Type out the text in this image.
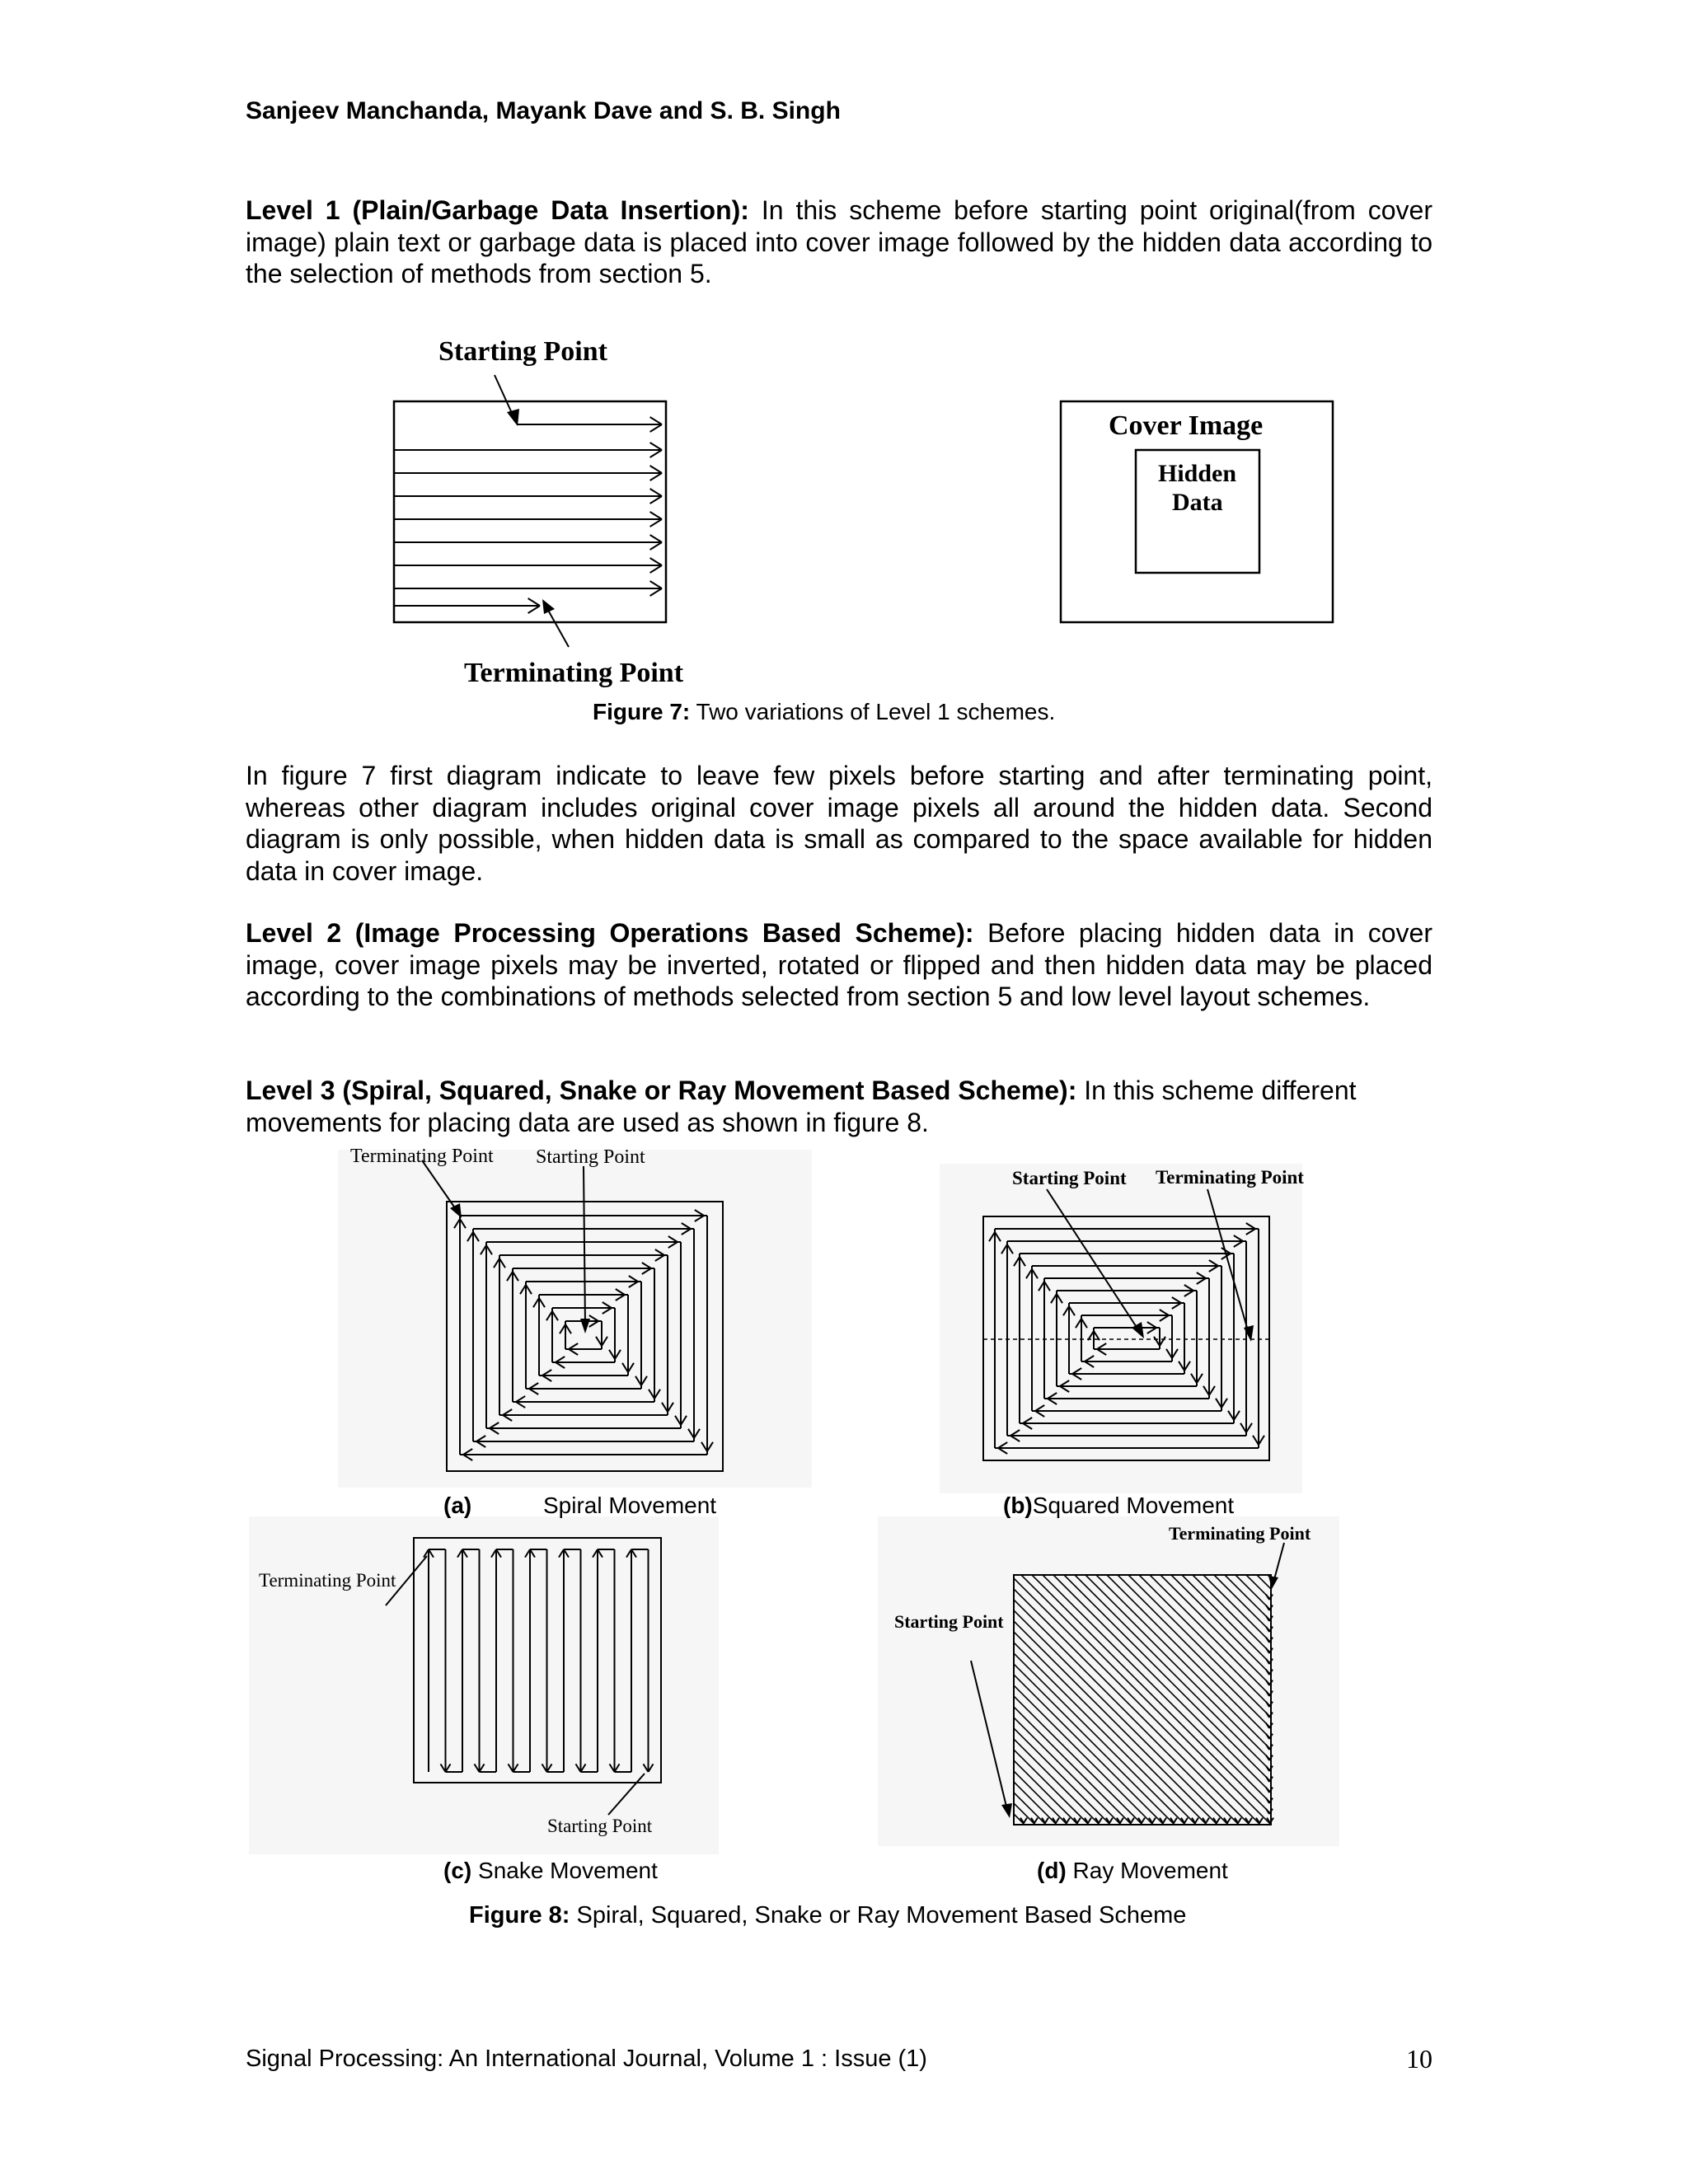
Sanjeev Manchanda, Mayank Dave and S. B. Singh
Level 1 (Plain/Garbage Data Insertion): In this scheme before starting point original(from cover image) plain text or garbage data is placed into cover image followed by the hidden data according to the selection of methods from section 5.
Starting Point
Terminating Point
Cover Image
Hidden
Data
Figure 7: Two variations of Level 1 schemes.
In figure 7 first diagram indicate to leave few pixels before starting and after terminating point, whereas other diagram includes original cover image pixels all around the hidden data. Second diagram is only possible, when hidden data is small as compared to the space available for hidden data in cover image.
Level 2 (Image Processing Operations Based Scheme): Before placing hidden data in cover image, cover image pixels may be inverted, rotated or flipped and then hidden data may be placed according to the combinations of methods selected from section 5 and low level layout schemes.
Level 3 (Spiral, Squared, Snake or Ray Movement Based Scheme): In this scheme different movements for placing data are used as shown in figure 8.
Terminating Point Starting Point
Starting Point Terminating Point
(a)	Spiral Movement	(b)Squared Movement
Terminating Point
Starting Point
Terminating Point
Starting Point
(c) Snake Movement	(d) Ray Movement
Figure 8: Spiral, Squared, Snake or Ray Movement Based Scheme
Signal Processing: An International Journal, Volume 1 : Issue (1)	10
